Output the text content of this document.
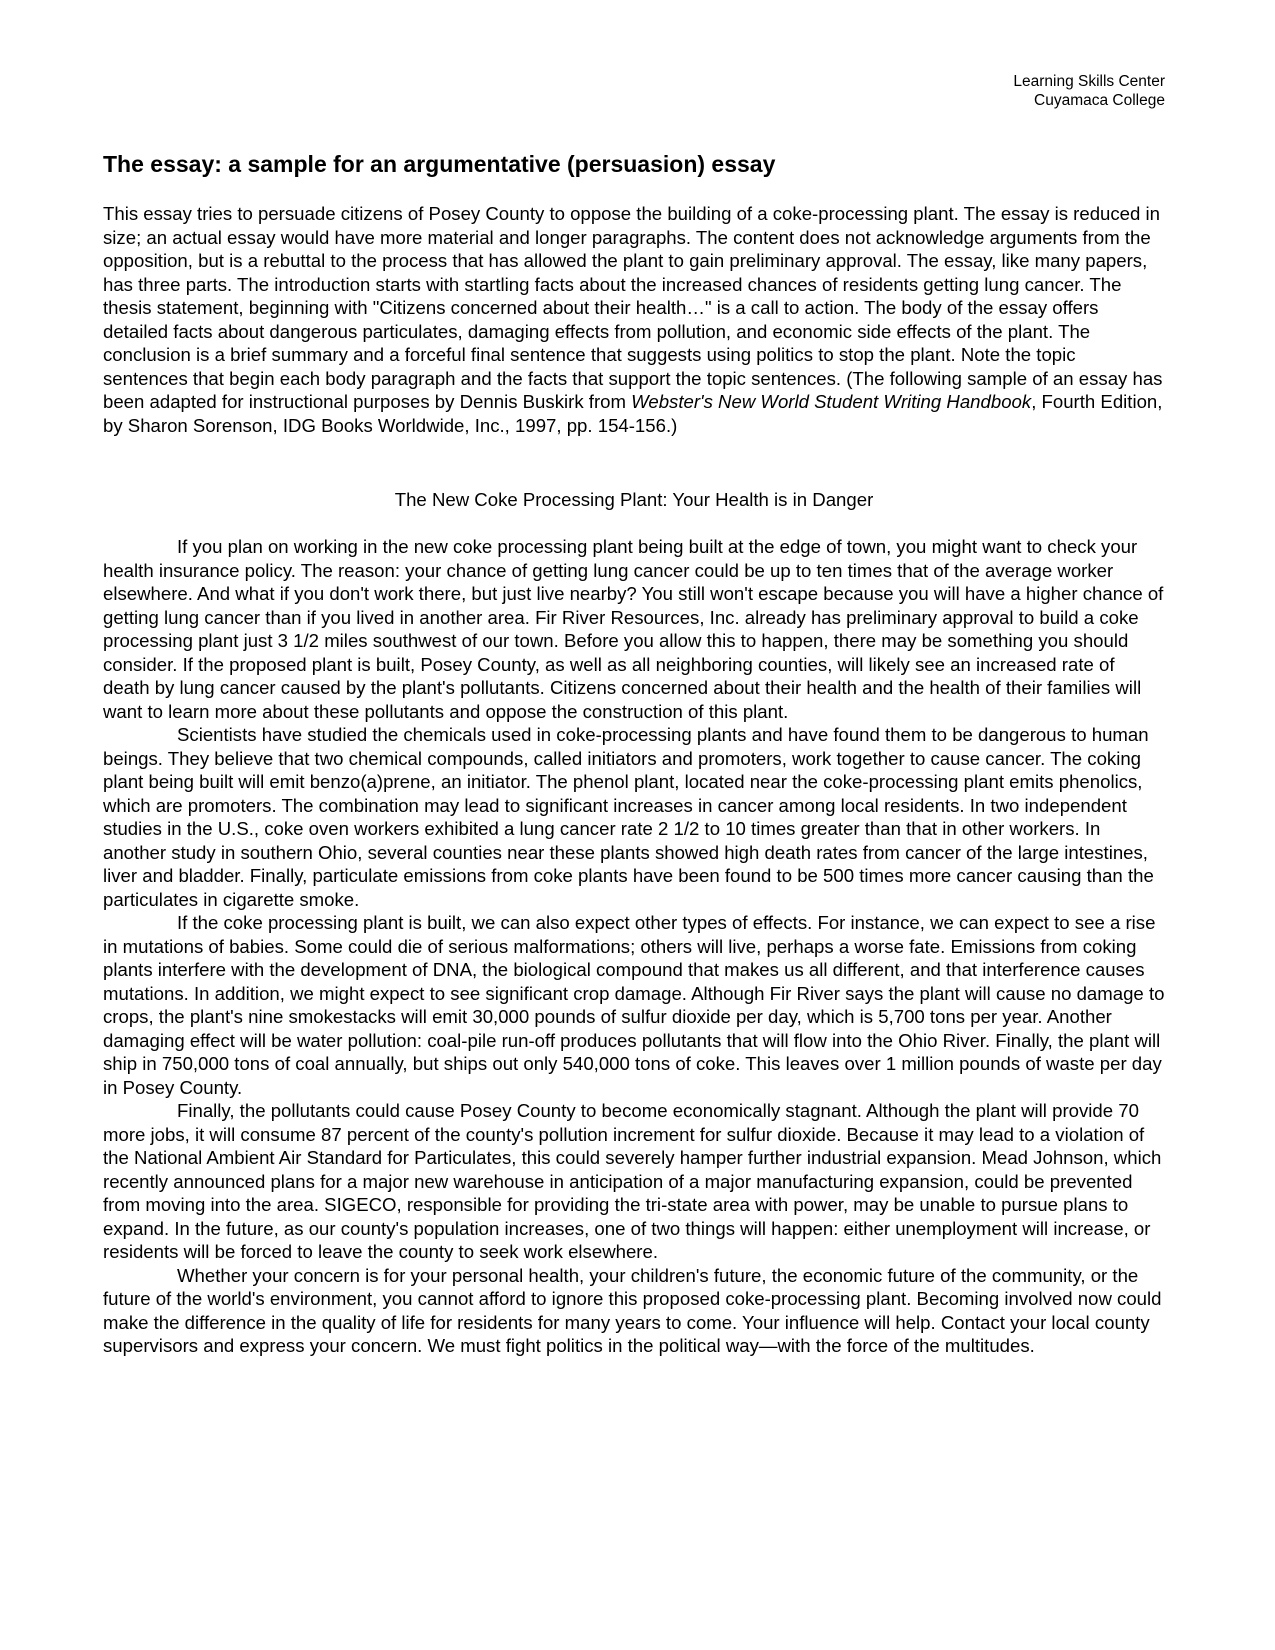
Learning Skills Center
Cuyamaca College
The essay: a sample for an argumentative (persuasion) essay

This essay tries to persuade citizens of Posey County to oppose the building of a coke-processing plant. The essay is reduced in size; an actual essay would have more material and longer paragraphs. The content does not acknowledge arguments from the opposition, but is a rebuttal to the process that has allowed the plant to gain preliminary approval. The essay, like many papers, has three parts. The introduction starts with startling facts about the increased chances of residents getting lung cancer. The thesis statement, beginning with "Citizens concerned about their health…" is a call to action. The body of the essay offers detailed facts about dangerous particulates, damaging effects from pollution, and economic side effects of the plant. The conclusion is a brief summary and a forceful final sentence that suggests using politics to stop the plant. Note the topic sentences that begin each body paragraph and the facts that support the topic sentences. (The following sample of an essay has been adapted for instructional purposes by Dennis Buskirk from Webster's New World Student Writing Handbook, Fourth Edition, by Sharon Sorenson, IDG Books Worldwide, Inc., 1997, pp. 154-156.)

The New Coke Processing Plant: Your Health is in Danger

If you plan on working in the new coke processing plant being built at the edge of town, you might want to check your health insurance policy. The reason: your chance of getting lung cancer could be up to ten times that of the average worker elsewhere. And what if you don't work there, but just live nearby? You still won't escape because you will have a higher chance of getting lung cancer than if you lived in another area. Fir River Resources, Inc. already has preliminary approval to build a coke processing plant just 3 1/2 miles southwest of our town. Before you allow this to happen, there may be something you should consider. If the proposed plant is built, Posey County, as well as all neighboring counties, will likely see an increased rate of death by lung cancer caused by the plant's pollutants. Citizens concerned about their health and the health of their families will want to learn more about these pollutants and oppose the construction of this plant.

Scientists have studied the chemicals used in coke-processing plants and have found them to be dangerous to human beings. They believe that two chemical compounds, called initiators and promoters, work together to cause cancer. The coking plant being built will emit benzo(a)prene, an initiator. The phenol plant, located near the coke-processing plant emits phenolics, which are promoters. The combination may lead to significant increases in cancer among local residents. In two independent studies in the U.S., coke oven workers exhibited a lung cancer rate 2 1/2 to 10 times greater than that in other workers. In another study in southern Ohio, several counties near these plants showed high death rates from cancer of the large intestines, liver and bladder. Finally, particulate emissions from coke plants have been found to be 500 times more cancer causing than the particulates in cigarette smoke.

If the coke processing plant is built, we can also expect other types of effects. For instance, we can expect to see a rise in mutations of babies. Some could die of serious malformations; others will live, perhaps a worse fate. Emissions from coking plants interfere with the development of DNA, the biological compound that makes us all different, and that interference causes mutations. In addition, we might expect to see significant crop damage. Although Fir River says the plant will cause no damage to crops, the plant's nine smokestacks will emit 30,000 pounds of sulfur dioxide per day, which is 5,700 tons per year. Another damaging effect will be water pollution: coal-pile run-off produces pollutants that will flow into the Ohio River. Finally, the plant will ship in 750,000 tons of coal annually, but ships out only 540,000 tons of coke. This leaves over 1 million pounds of waste per day in Posey County.

Finally, the pollutants could cause Posey County to become economically stagnant. Although the plant will provide 70 more jobs, it will consume 87 percent of the county's pollution increment for sulfur dioxide. Because it may lead to a violation of the National Ambient Air Standard for Particulates, this could severely hamper further industrial expansion. Mead Johnson, which recently announced plans for a major new warehouse in anticipation of a major manufacturing expansion, could be prevented from moving into the area. SIGECO, responsible for providing the tri-state area with power, may be unable to pursue plans to expand. In the future, as our county's population increases, one of two things will happen: either unemployment will increase, or residents will be forced to leave the county to seek work elsewhere.

Whether your concern is for your personal health, your children's future, the economic future of the community, or the future of the world's environment, you cannot afford to ignore this proposed coke-processing plant. Becoming involved now could make the difference in the quality of life for residents for many years to come. Your influence will help. Contact your local county supervisors and express your concern. We must fight politics in the political way—with the force of the multitudes.
